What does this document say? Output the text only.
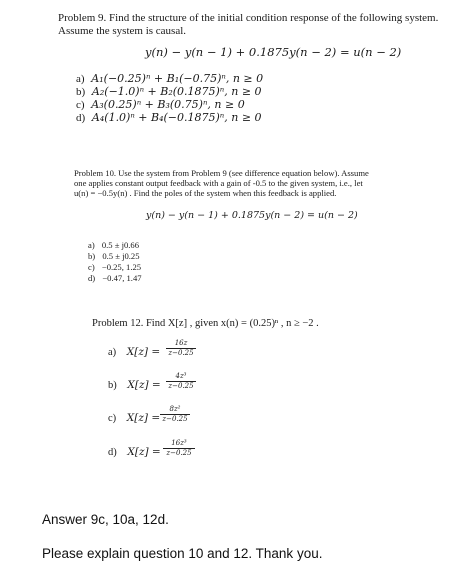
Problem 9. Find the structure of the initial condition response of the following system.
Assume the system is causal.
y(n) − y(n − 1) + 0.1875y(n − 2) = u(n − 2)
a) A₁(−0.25)ⁿ + B₁(−0.75)ⁿ, n ≥ 0
b) A₂(−1.0)ⁿ + B₂(0.1875)ⁿ, n ≥ 0
c) A₃(0.25)ⁿ + B₃(0.75)ⁿ, n ≥ 0
d) A₄(1.0)ⁿ + B₄(−0.1875)ⁿ, n ≥ 0
Problem 10. Use the system from Problem 9 (see difference equation below). Assume
one applies constant output feedback with a gain of -0.5 to the given system, i.e., let
u(n) = −0.5y(n) . Find the poles of the system when this feedback is applied.
y(n) − y(n − 1) + 0.1875y(n − 2) = u(n − 2)
a) 0.5 ± j0.66
b) 0.5 ± j0.25
c) −0.25, 1.25
d) −0.47, 1.47
Problem 12. Find X[z] , given x(n) = (0.25)ⁿ , n ≥ −2 .
a) X[z] =
16z
z−0.25
b) X[z] =
4z³
z−0.25
c) X[z] =
8z²
z−0.25
d) X[z] =
16z³
z−0.25
Answer 9c, 10a, 12d.
Please explain question 10 and 12. Thank you.
